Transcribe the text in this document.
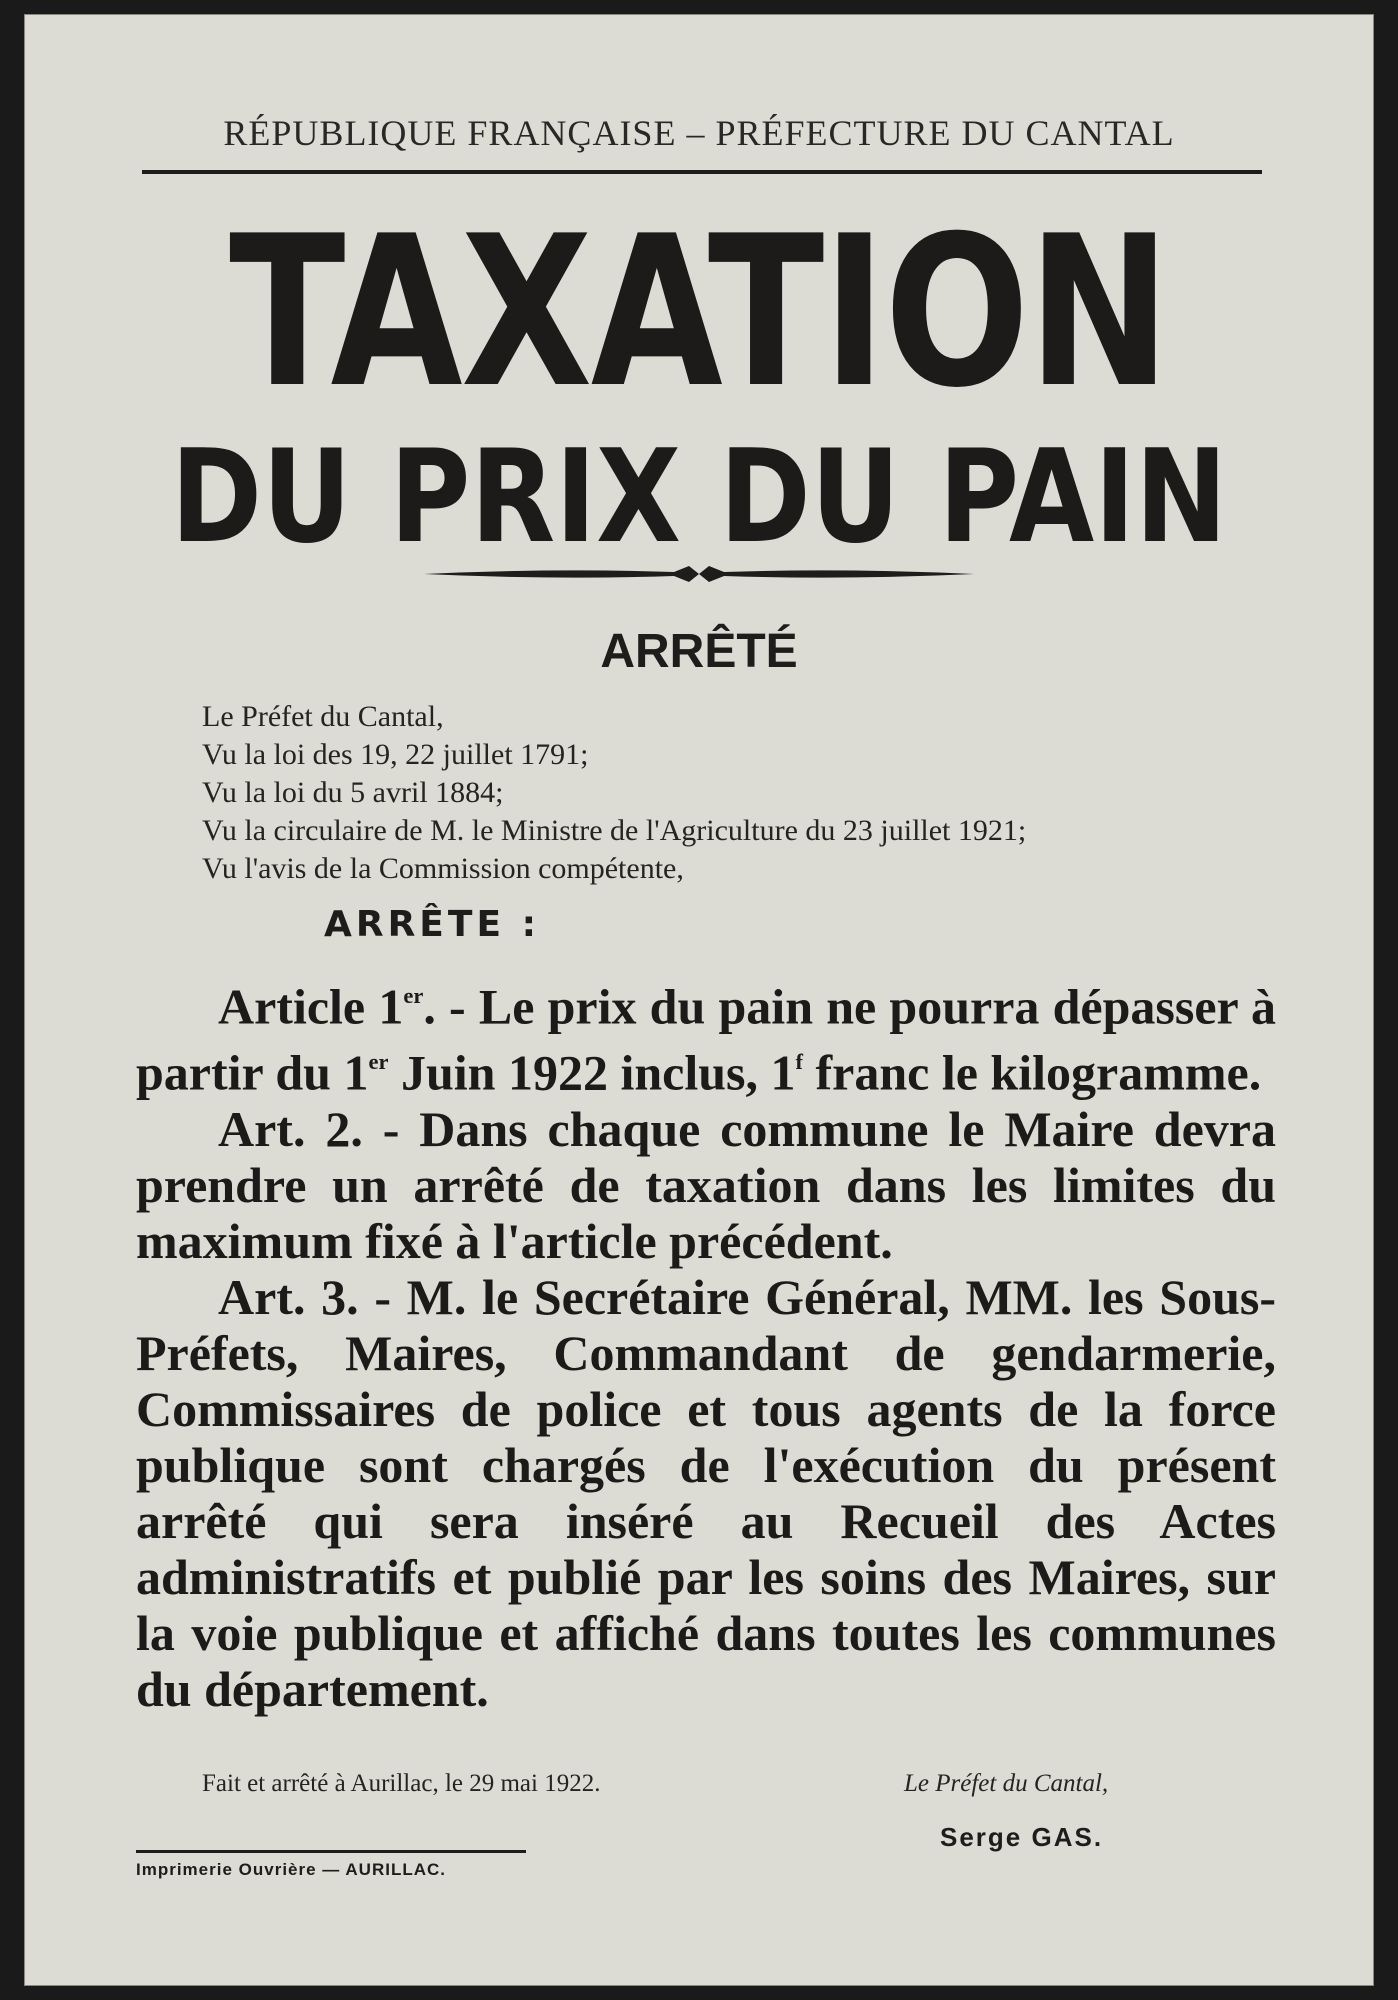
RÉPUBLIQUE FRANÇAISE – PRÉFECTURE DU CANTAL
TAXATION
DU PRIX DU PAIN
ARRÊTÉ
Le Préfet du Cantal,
Vu la loi des 19, 22 juillet 1791;
Vu la loi du 5 avril 1884;
Vu la circulaire de M. le Ministre de l'Agriculture du 23 juillet 1921;
Vu l'avis de la Commission compétente,
ARRÊTE :

Article 1er. - Le prix du pain ne pourra dépasser à partir du 1er Juin 1922 inclus, 1$^f$ franc le kilogramme.

Art. 2. - Dans chaque commune le Maire devra prendre un arrêté de taxation dans les limites du maximum fixé à l'article précédent.

Art. 3. - M. le Secrétaire Général, MM. les Sous-Préfets, Maires, Commandant de gendarmerie, Commissaires de police et tous agents de la force publique sont chargés de l'exécution du présent arrêté qui sera inséré au Recueil des Actes administratifs et publié par les soins des Maires, sur la voie publique et affiché dans toutes les communes du département.

Fait et arrêté à Aurillac, le 29 mai 1922.	Le Préfet du Cantal,
Serge GAS.
Imprimerie Ouvrière — AURILLAC.
